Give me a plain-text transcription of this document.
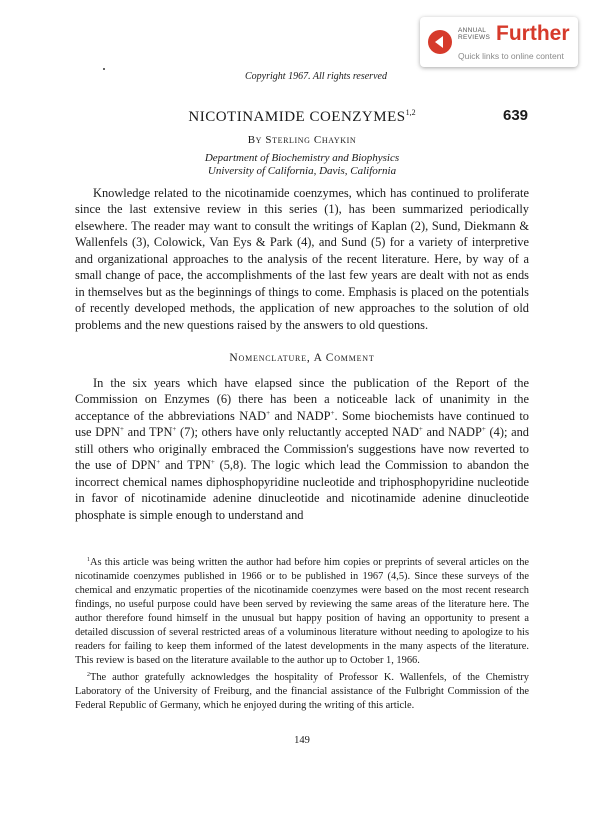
ANNUAL
REVIEWS Further
Quick links to online content
Copyright 1967. All rights reserved
NICOTINAMIDE COENZYMES$^{1,2}$	639
By Sterling Chaykin
Department of Biochemistry and Biophysics
University of California, Davis, California
Knowledge related to the nicotinamide coenzymes, which has continued to proliferate since the last extensive review in this series (1), has been summarized periodically elsewhere. The reader may want to consult the writings of Kaplan (2), Sund, Diekmann & Wallenfels (3), Colowick, Van Eys & Park (4), and Sund (5) for a variety of interpretive and organizational approaches to the analysis of the recent literature. Here, by way of a small change of pace, the accomplishments of the last few years are dealt with not as ends in themselves but as the beginnings of things to come. Emphasis is placed on the potentials of recently developed methods, the application of new approaches to the solution of old problems and the new questions raised by the answers to old questions.
Nomenclature, A Comment
In the six years which have elapsed since the publication of the Report of the Commission on Enzymes (6) there has been a noticeable lack of unanimity in the acceptance of the abbreviations NAD+ and NADP+. Some biochemists have continued to use DPN+ and TPN+ (7); others have only reluctantly accepted NAD+ and NADP+ (4); and still others who originally embraced the Commission's suggestions have now reverted to the use of DPN+ and TPN+ (5,8). The logic which lead the Commission to abandon the incorrect chemical names diphosphopyridine nucleotide and triphosphopyridine nucleotide in favor of nicotinamide adenine dinucleotide and nicotinamide adenine dinucleotide phosphate is simple enough to understand and
$^1$As this article was being written the author had before him copies or preprints of several articles on the nicotinamide coenzymes published in 1966 or to be published in 1967 (4,5). Since these surveys of the chemical and enzymatic properties of the nicotinamide coenzymes were based on the most recent research findings, no useful purpose could have been served by reviewing the same areas of the literature here. The author therefore found himself in the unusual but happy position of having an opportunity to present a detailed discussion of several restricted areas of a voluminous literature without needing to apologize to his readers for failing to keep them informed of the latest developments in the many aspects of the literature. This review is based on the literature available to the author up to October 1, 1966.
$^2$The author gratefully acknowledges the hospitality of Professor K. Wallenfels, of the Chemistry Laboratory of the University of Freiburg, and the financial assistance of the Fulbright Commission of the Federal Republic of Germany, which he enjoyed during the writing of this article.
149
